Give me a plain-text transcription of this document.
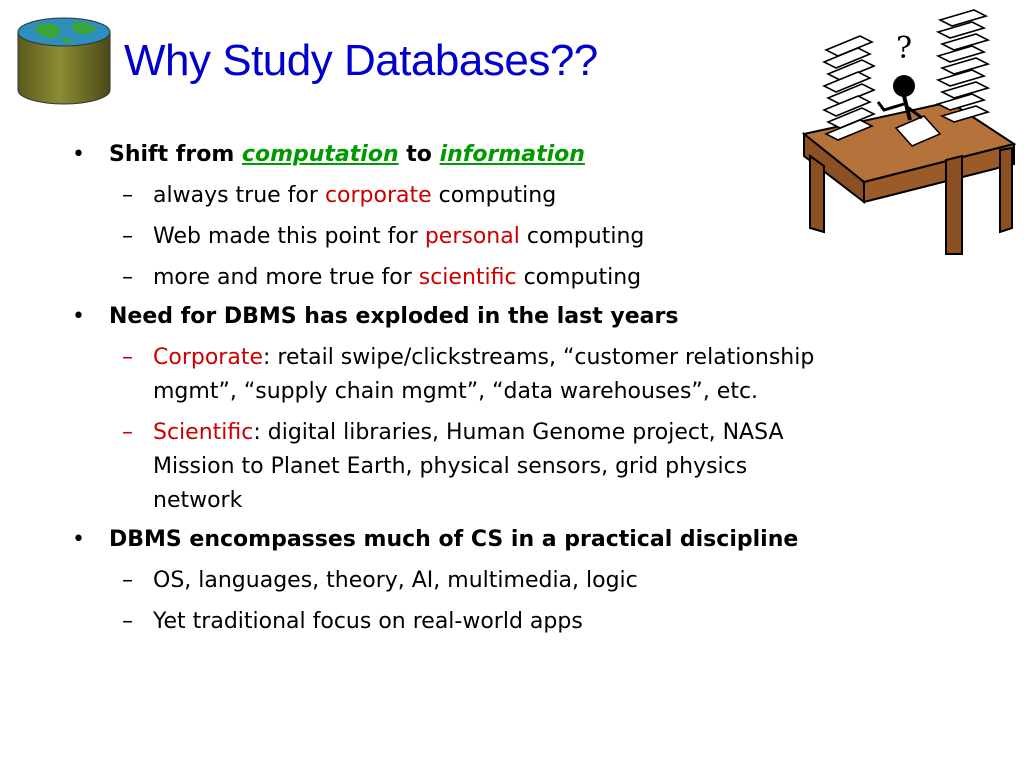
Why Study Databases??	?
• Shift from computation to information
– always true for corporate computing
– Web made this point for personal computing
– more and more true for scientific computing
• Need for DBMS has exploded in the last years
– Corporate: retail swipe/clickstreams, “customer relationship
mgmt”, “supply chain mgmt”, “data warehouses”, etc.
– Scientific: digital libraries, Human Genome project, NASA
Mission to Planet Earth, physical sensors, grid physics
network
• DBMS encompasses much of CS in a practical discipline
– OS, languages, theory, AI, multimedia, logic
– Yet traditional focus on real-world apps
